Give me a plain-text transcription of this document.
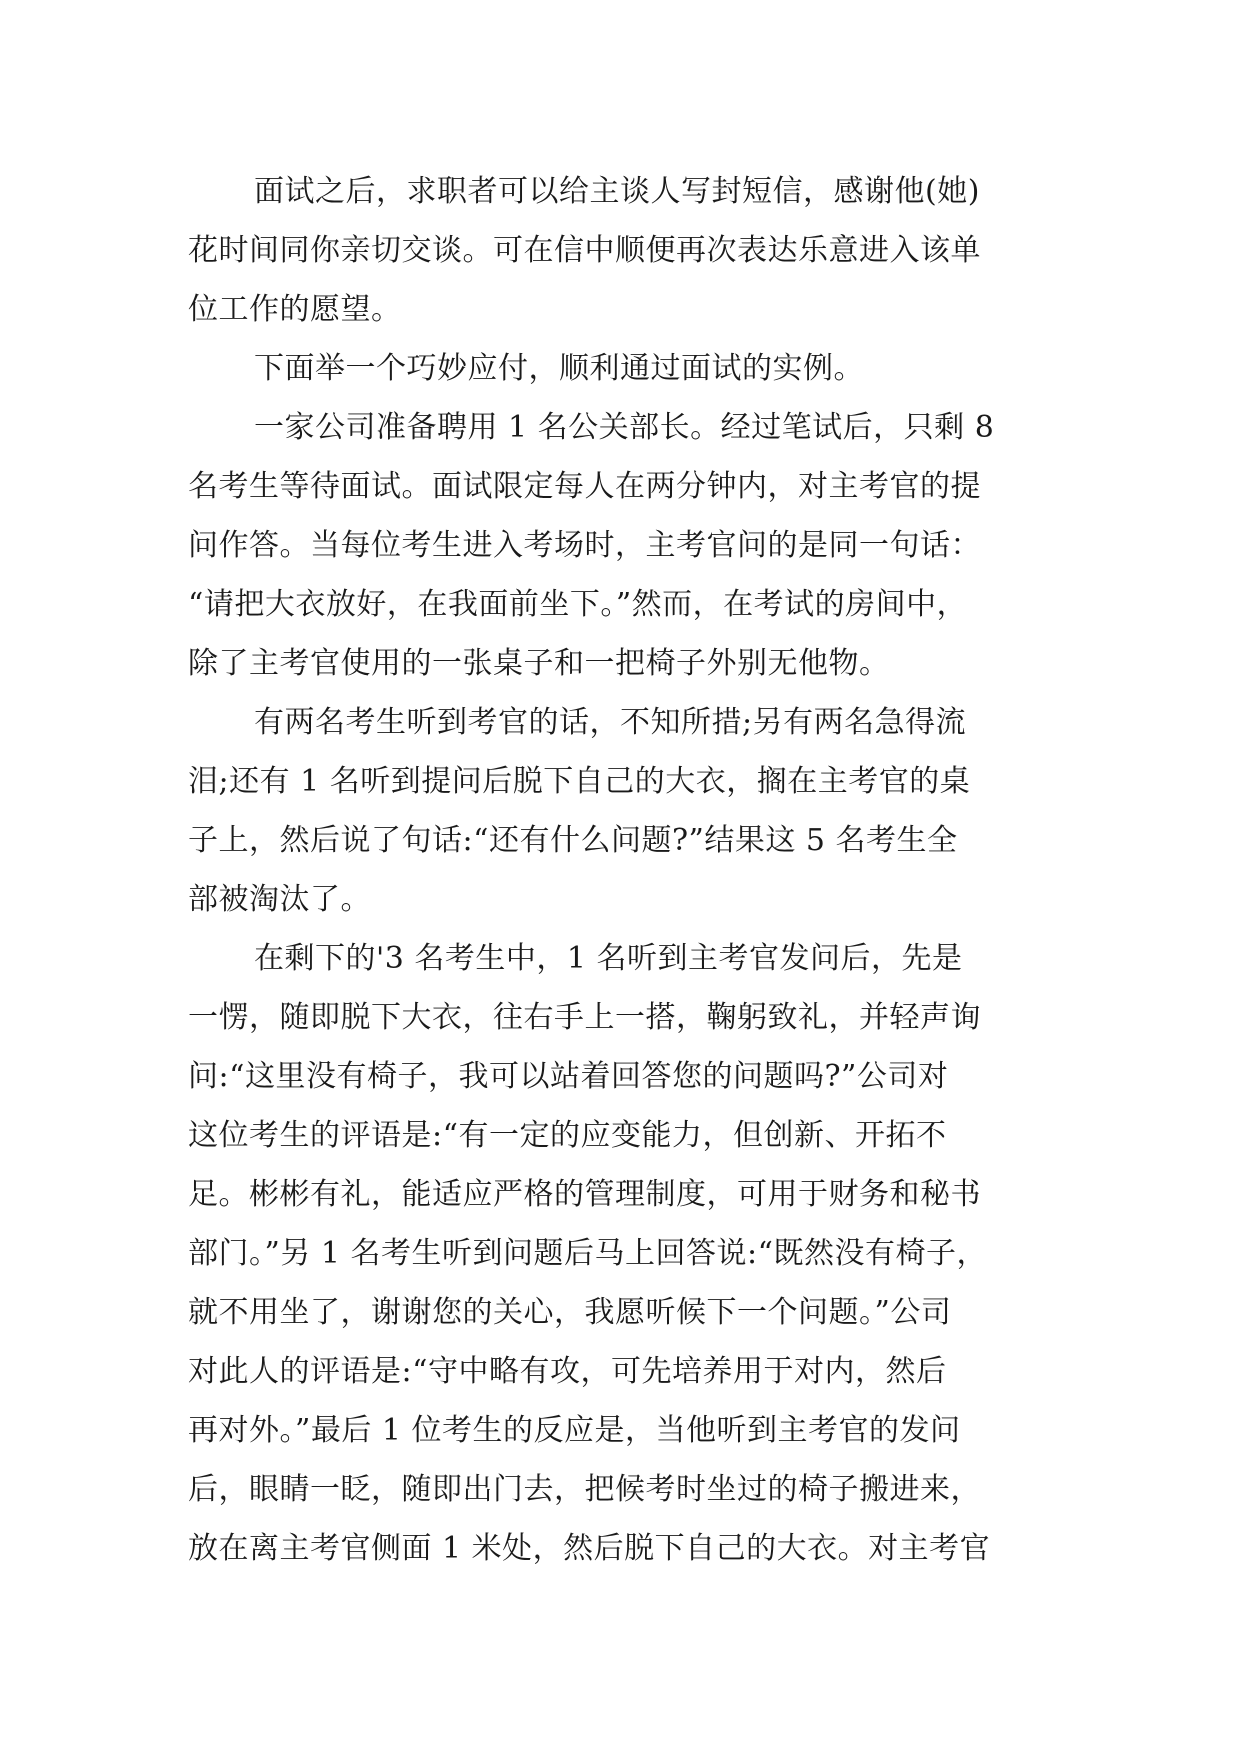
面试之后，求职者可以给主谈人写封短信，感谢他(她)
花时间同你亲切交谈。可在信中顺便再次表达乐意进入该单
位工作的愿望。
下面举一个巧妙应付，顺利通过面试的实例。
一家公司准备聘用 1 名公关部长。经过笔试后，只剩 8
名考生等待面试。面试限定每人在两分钟内，对主考官的提
问作答。当每位考生进入考场时，主考官问的是同一句话：
“请把大衣放好，在我面前坐下。”然而，在考试的房间中，
除了主考官使用的一张桌子和一把椅子外别无他物。
有两名考生听到考官的话，不知所措;另有两名急得流
泪;还有 1 名听到提问后脱下自己的大衣，搁在主考官的桌
子上，然后说了句话:“还有什么问题?”结果这 5 名考生全
部被淘汰了。
在剩下的'3 名考生中，1 名听到主考官发问后，先是
一愣，随即脱下大衣，往右手上一搭，鞠躬致礼，并轻声询
问:“这里没有椅子，我可以站着回答您的问题吗?”公司对
这位考生的评语是:“有一定的应变能力，但创新、开拓不
足。彬彬有礼，能适应严格的管理制度，可用于财务和秘书
部门。”另 1 名考生听到问题后马上回答说:“既然没有椅子，
就不用坐了，谢谢您的关心，我愿听候下一个问题。”公司
对此人的评语是:“守中略有攻，可先培养用于对内，然后
再对外。”最后 1 位考生的反应是，当他听到主考官的发问
后，眼睛一眨，随即出门去，把候考时坐过的椅子搬进来，
放在离主考官侧面 1 米处，然后脱下自己的大衣。对主考官
